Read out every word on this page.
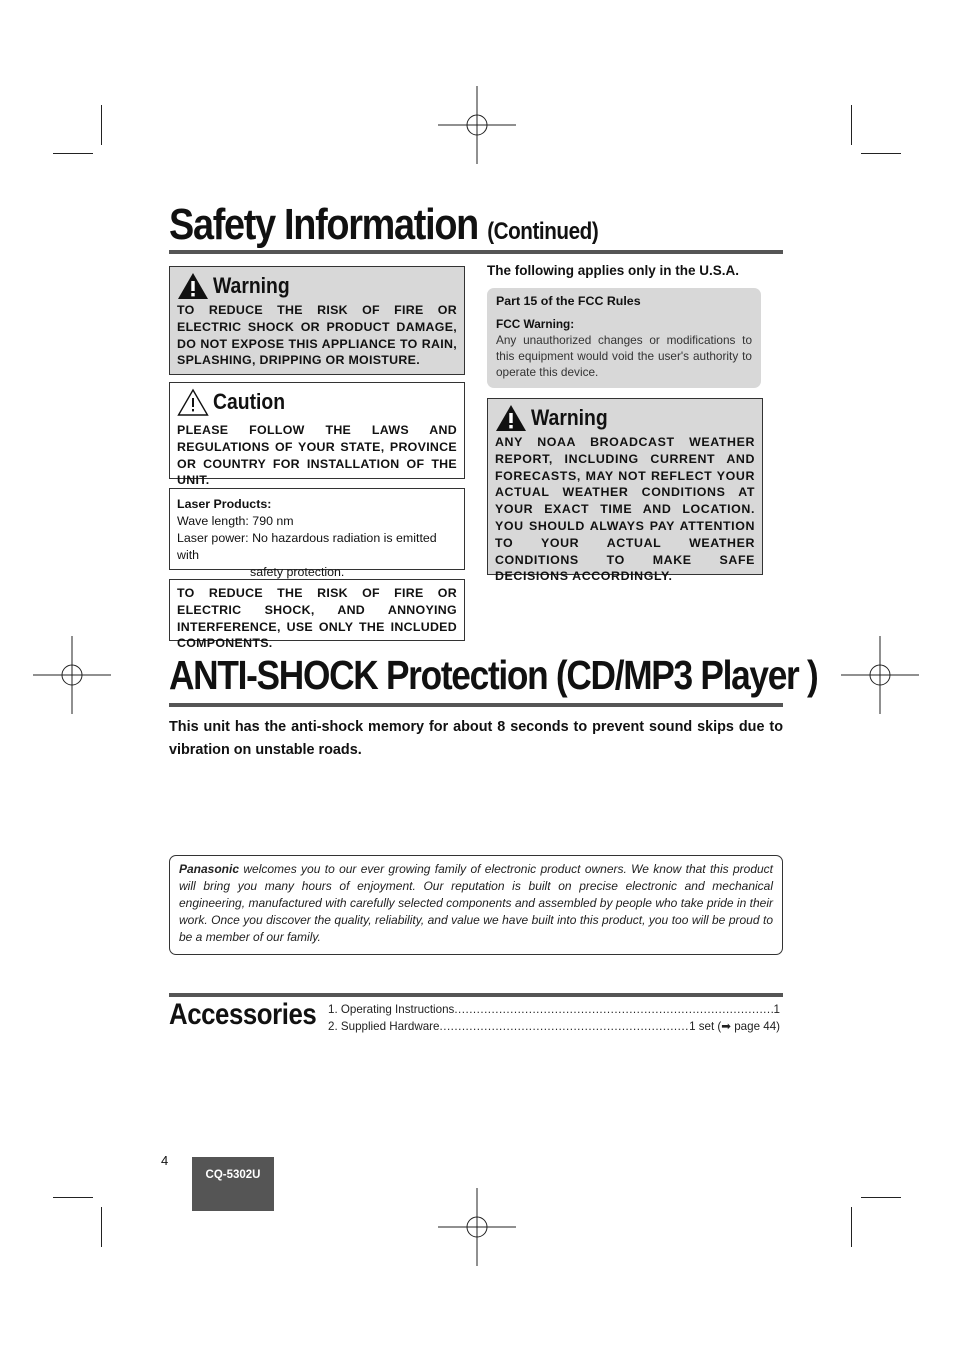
Safety Information (Continued)
Warning
TO REDUCE THE RISK OF FIRE OR ELECTRIC SHOCK OR PRODUCT DAMAGE, DO NOT EXPOSE THIS APPLIANCE TO RAIN, SPLASHING, DRIPPING OR MOISTURE.
Caution
PLEASE FOLLOW THE LAWS AND REGULATIONS OF YOUR STATE, PROVINCE OR COUNTRY FOR INSTALLATION OF THE UNIT.
Laser Products:
Wave length: 790 nm
Laser power: No hazardous radiation is emitted with
safety protection.
TO REDUCE THE RISK OF FIRE OR ELECTRIC SHOCK, AND ANNOYING INTERFERENCE, USE ONLY THE INCLUDED COMPONENTS.
The following applies only in the U.S.A.
Part 15 of the FCC Rules
FCC Warning:
Any unauthorized changes or modifications to this equipment would void the user's authority to operate this device.
Warning
ANY NOAA BROADCAST WEATHER REPORT, INCLUDING CURRENT AND FORECASTS, MAY NOT REFLECT YOUR ACTUAL WEATHER CONDITIONS AT YOUR EXACT TIME AND LOCATION. YOU SHOULD ALWAYS PAY ATTENTION TO YOUR ACTUAL WEATHER CONDITIONS TO MAKE SAFE DECISIONS ACCORDINGLY.
ANTI-SHOCK Protection (CD/MP3 Player )
This unit has the anti-shock memory for about 8 seconds to prevent sound skips due to vibration on unstable roads.
Panasonic welcomes you to our ever growing family of electronic product owners. We know that this product will bring you many hours of enjoyment. Our reputation is built on precise electronic and mechanical engineering, manufactured with carefully selected components and assembled by people who take pride in their work. Once you discover the quality, reliability, and value we have built into this product, you too will be proud to be a member of our family.
Accessories 1. Operating Instructions .....	1
2. Supplied Hardware .....	1 set (➡ page 44)
4
CQ-5302U
